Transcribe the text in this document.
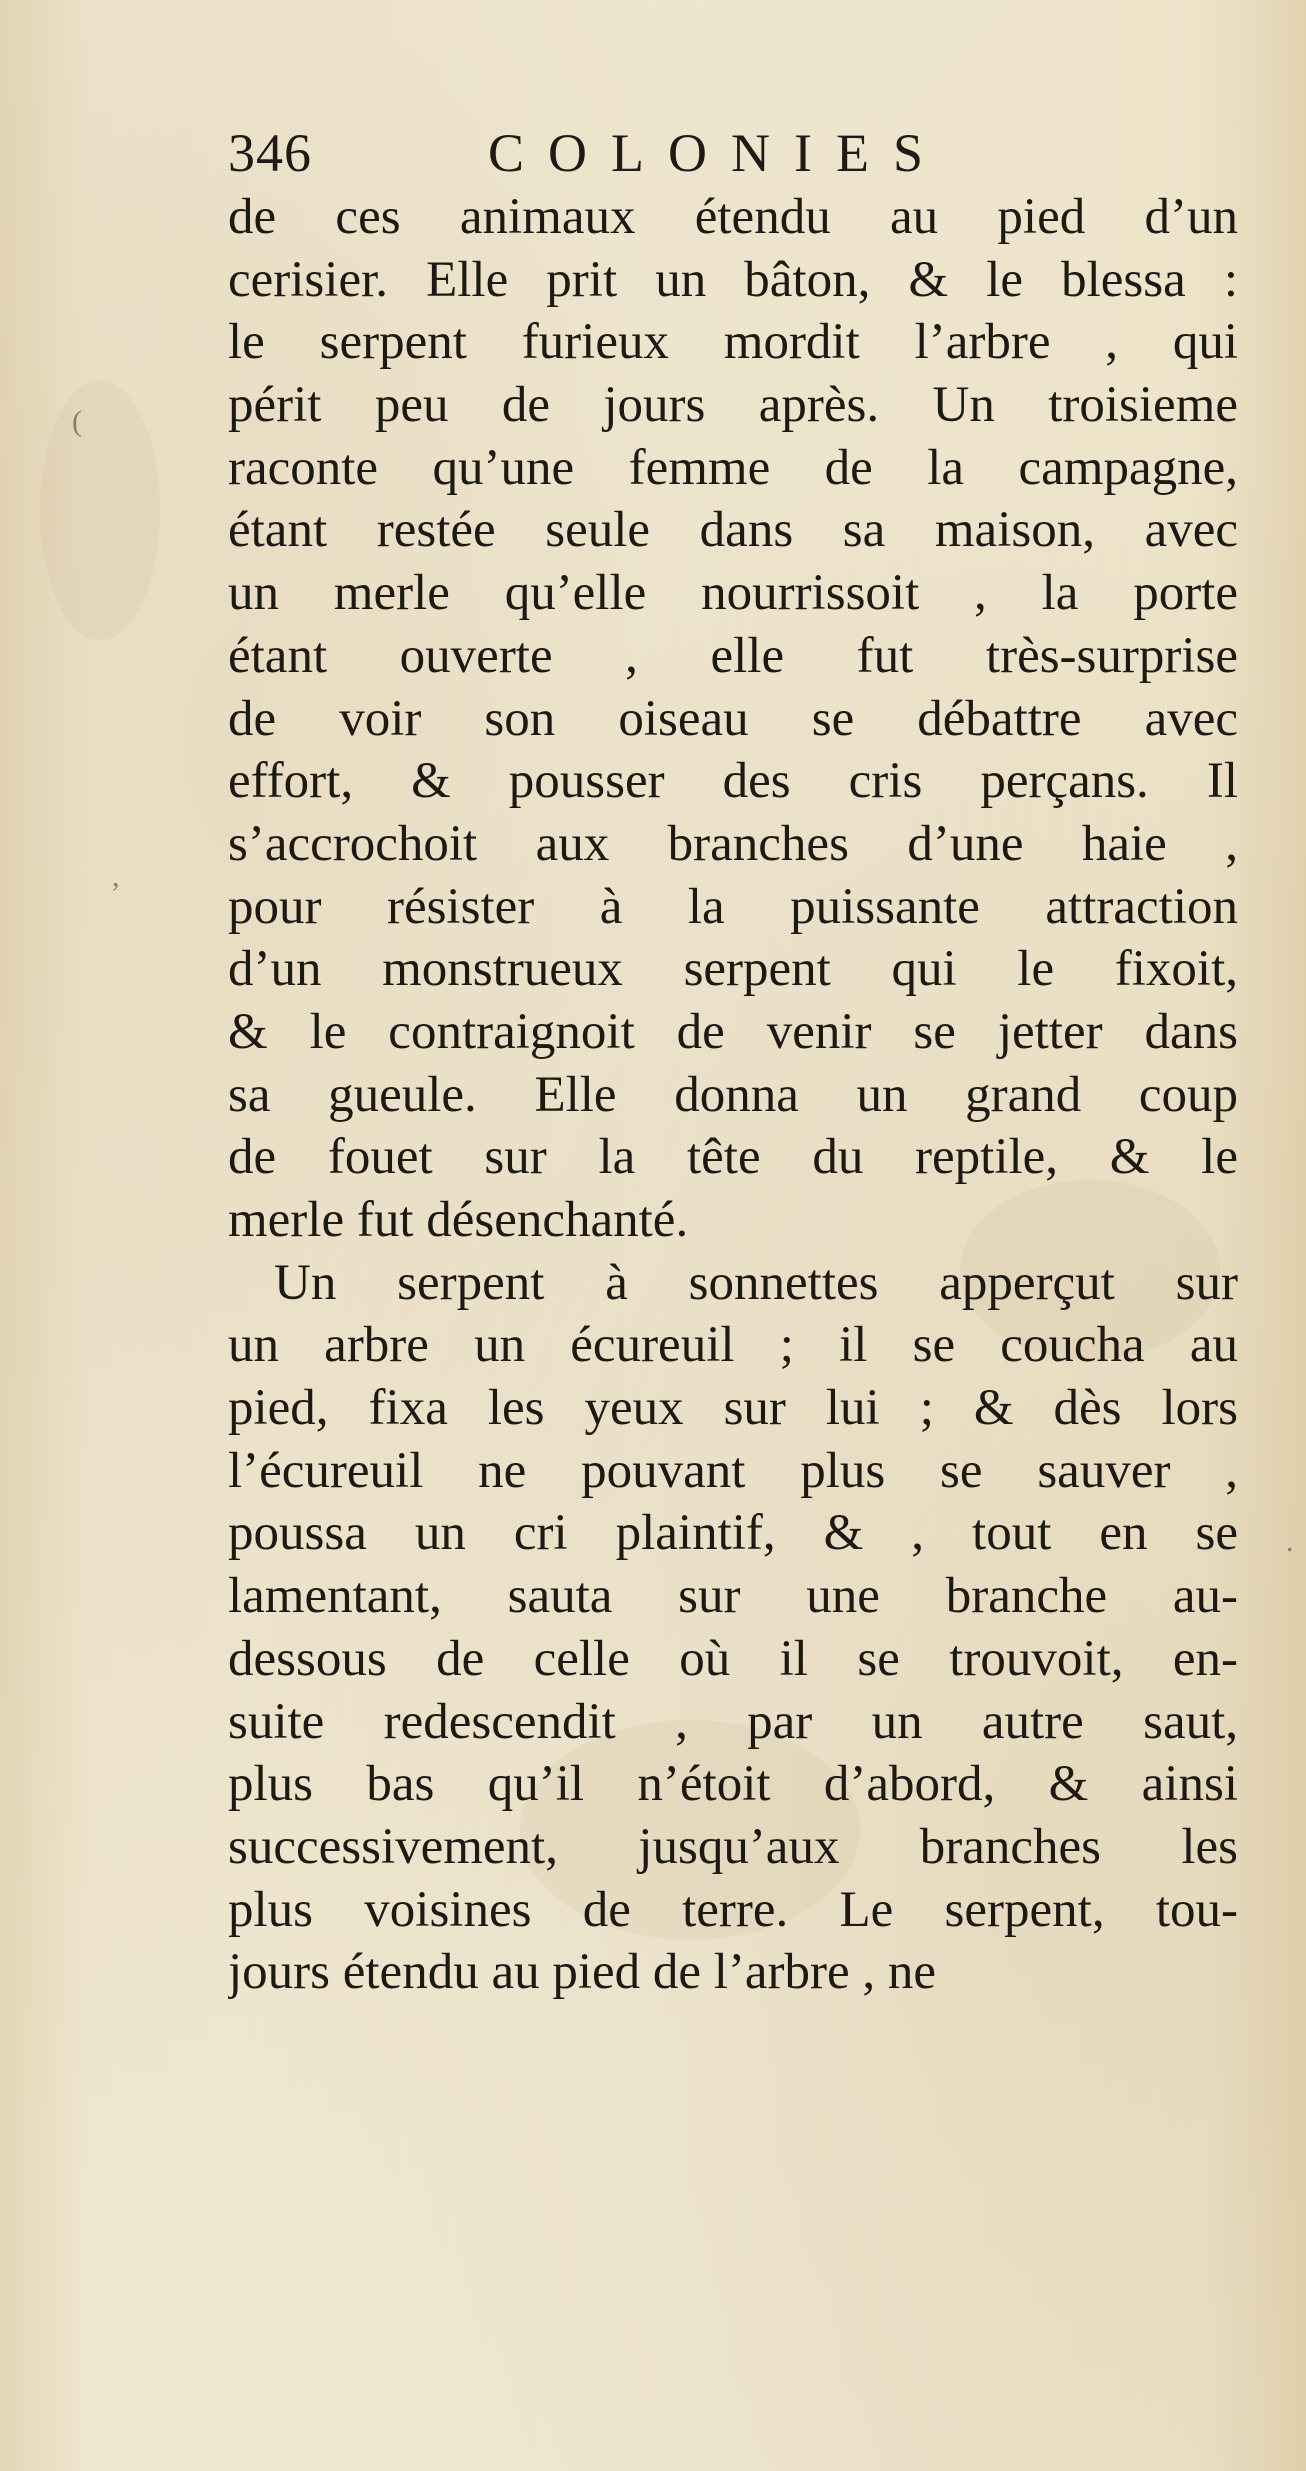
(
,
.
346	COLONIES
de ces animaux étendu au pied d’un
cerisier. Elle prit un bâton, & le blessa :
le serpent furieux mordit l’arbre , qui
périt peu de jours après. Un troisieme
raconte qu’une femme de la campagne,
étant restée seule dans sa maison, avec
un merle qu’elle nourrissoit , la porte
étant ouverte , elle fut très-surprise
de voir son oiseau se débattre avec
effort, & pousser des cris perçans. Il
s’accrochoit aux branches d’une haie ,
pour résister à la puissante attraction
d’un monstrueux serpent qui le fixoit,
& le contraignoit de venir se jetter dans
sa gueule. Elle donna un grand coup
de fouet sur la tête du reptile, & le
merle fut désenchanté.
Un serpent à sonnettes apperçut sur
un arbre un écureuil ; il se coucha au
pied, fixa les yeux sur lui ; & dès lors
l’écureuil ne pouvant plus se sauver ,
poussa un cri plaintif, & , tout en se
lamentant, sauta sur une branche au-
dessous de celle où il se trouvoit, en-
suite redescendit , par un autre saut,
plus bas qu’il n’étoit d’abord, & ainsi
successivement, jusqu’aux branches les
plus voisines de terre. Le serpent, tou-
jours étendu au pied de l’arbre , ne
